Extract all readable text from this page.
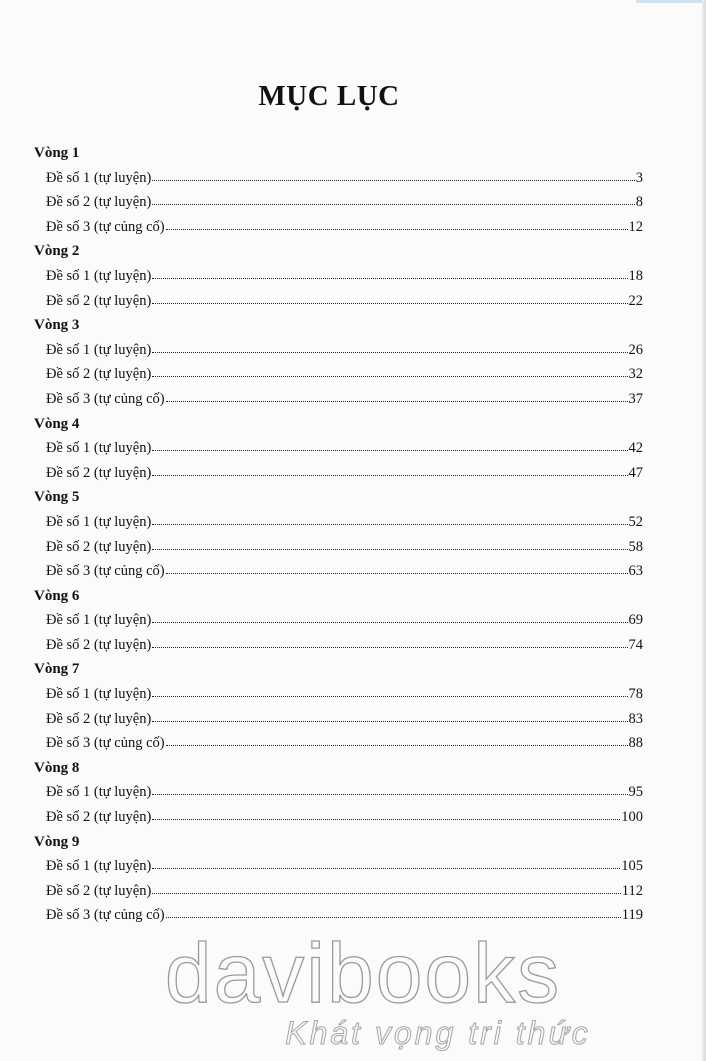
MỤC LỤC
Vòng 1
Đề số 1 (tự luyện)	3
Đề số 2 (tự luyện)	8
Đề số 3 (tự củng cố)	12
Vòng 2
Đề số 1 (tự luyện)	18
Đề số 2 (tự luyện)	22
Vòng 3
Đề số 1 (tự luyện)	26
Đề số 2 (tự luyện)	32
Đề số 3 (tự củng cố)	37
Vòng 4
Đề số 1 (tự luyện)	42
Đề số 2 (tự luyện)	47
Vòng 5
Đề số 1 (tự luyện)	52
Đề số 2 (tự luyện)	58
Đề số 3 (tự củng cố)	63
Vòng 6
Đề số 1 (tự luyện)	69
Đề số 2 (tự luyện)	74
Vòng 7
Đề số 1 (tự luyện)	78
Đề số 2 (tự luyện)	83
Đề số 3 (tự củng cố)	88
Vòng 8
Đề số 1 (tự luyện)	95
Đề số 2 (tự luyện)	100
Vòng 9
Đề số 1 (tự luyện)	105
Đề số 2 (tự luyện)	112
Đề số 3 (tự củng cố)	119
davibooks
Khát vọng tri thức
